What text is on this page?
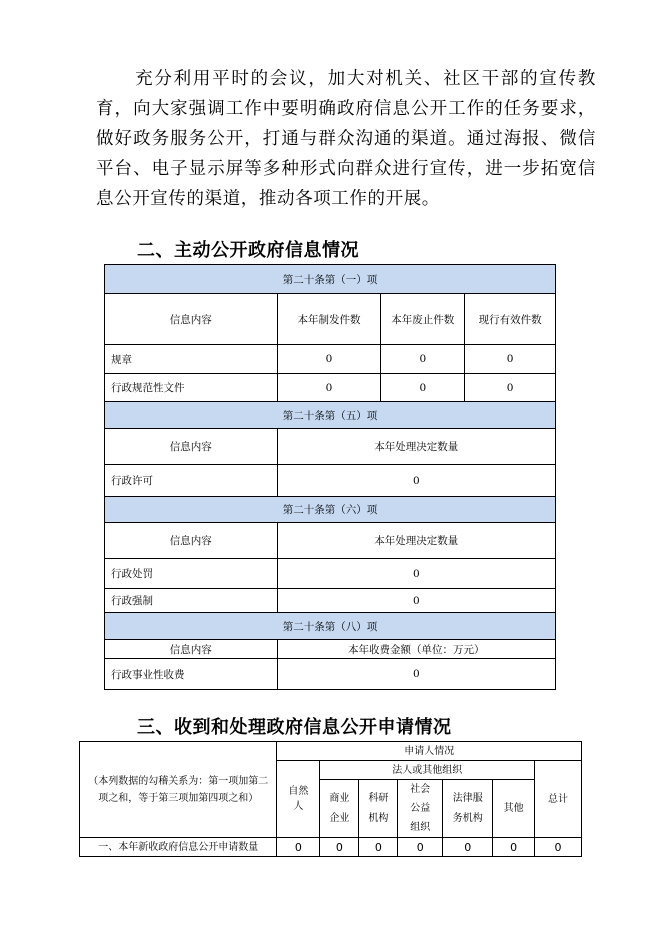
充分利用平时的会议，加大对机关、社区干部的宣传教育，向大家强调工作中要明确政府信息公开工作的任务要求，做好政务服务公开，打通与群众沟通的渠道。通过海报、微信平台、电子显示屏等多种形式向群众进行宣传，进一步拓宽信息公开宣传的渠道，推动各项工作的开展。
二、主动公开政府信息情况
第二十条第（一）项			
信息内容	本年制发件数	本年废止件数	现行有效件数
规章	0	0	0
行政规范性文件	0	0	0
第二十条第（五）项			
信息内容	本年处理决定数量		
行政许可	0		
第二十条第（六）项			
信息内容	本年处理决定数量		
行政处罚	0		
行政强制	0		
第二十条第（八）项			
信息内容	本年收费金额（单位：万元）		
行政事业性收费	0		
三、收到和处理政府信息公开申请情况
（本列数据的勾稽关系为：第一项加第二项之和，等于第三项加第四项之和）	申请人情况						
	自然人	法人或其他组织					总计
		商业企业	科研机构	社会公益组织	法律服务机构	其他	

一、本年新收政府信息公开申请数量	0	0	0	0	0	0	0
